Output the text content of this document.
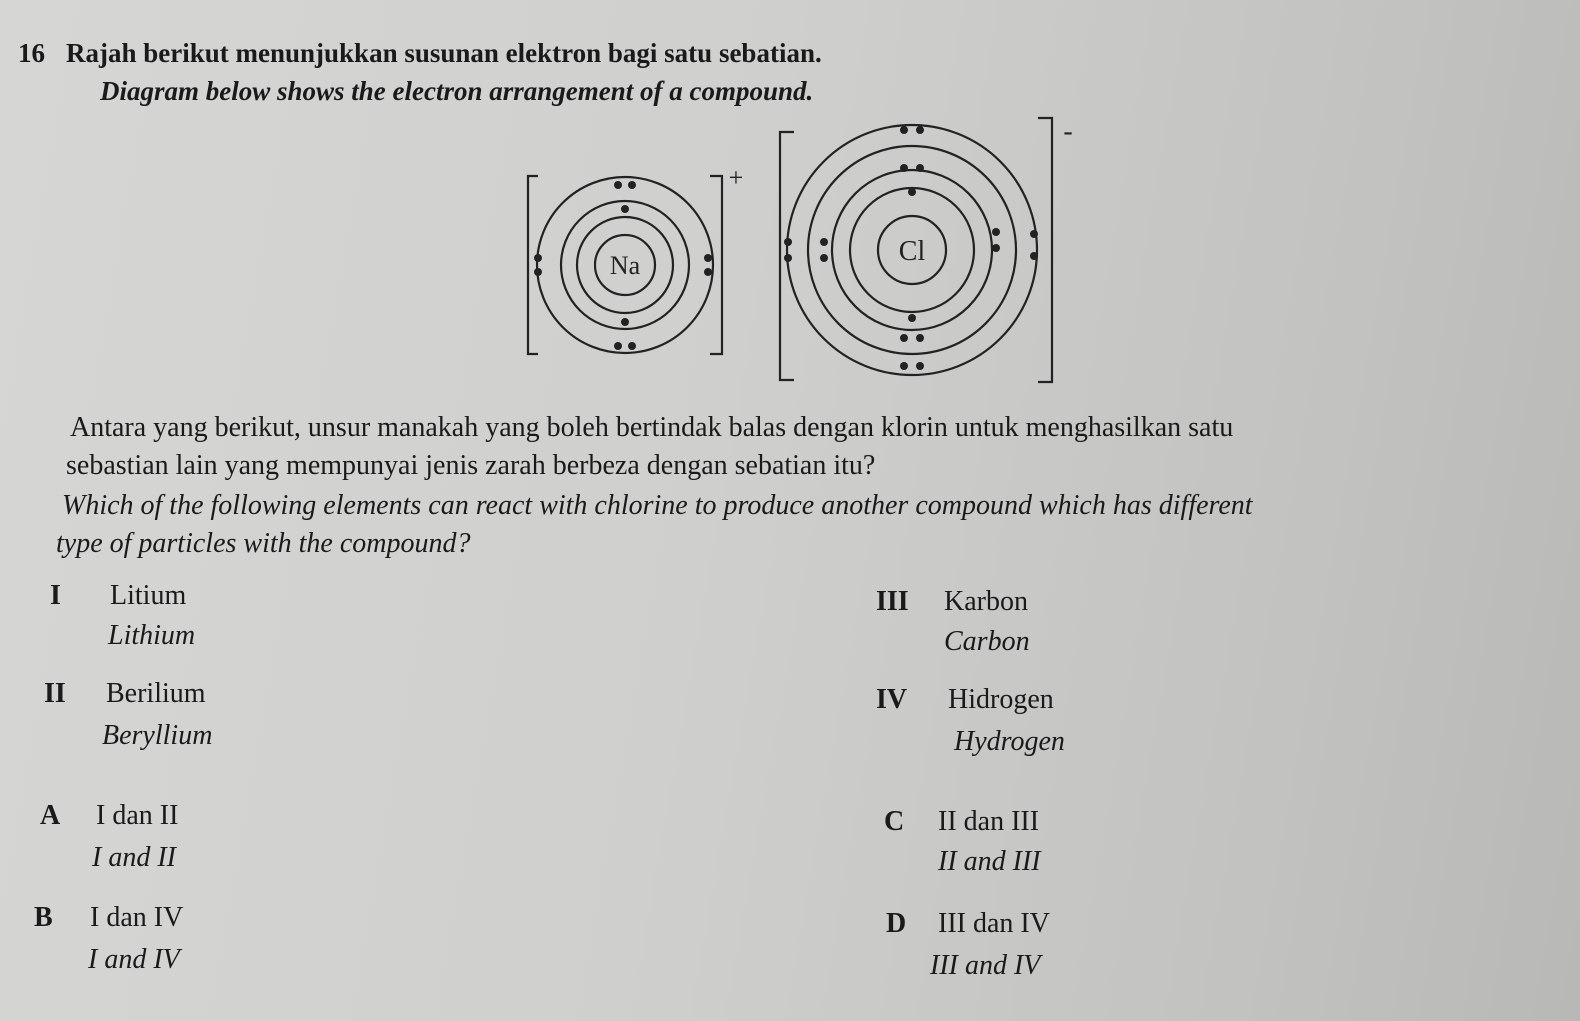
16 Rajah berikut menunjukkan susunan elektron bagi satu sebatian.
Diagram below shows the electron arrangement of a compound.
Na
+
Cl
-
Antara yang berikut, unsur manakah yang boleh bertindak balas dengan klorin untuk menghasilkan satu
sebastian lain yang mempunyai jenis zarah berbeza dengan sebatian itu?
Which of the following elements can react with chlorine to produce another compound which has different
type of particles with the compound?
I Litium
Lithium
II Berilium
Beryllium
III Karbon
Carbon
IV Hidrogen
Hydrogen
A I dan II
I and II
B I dan IV
I and IV
C II dan III
II and III
D III dan IV
III and IV
